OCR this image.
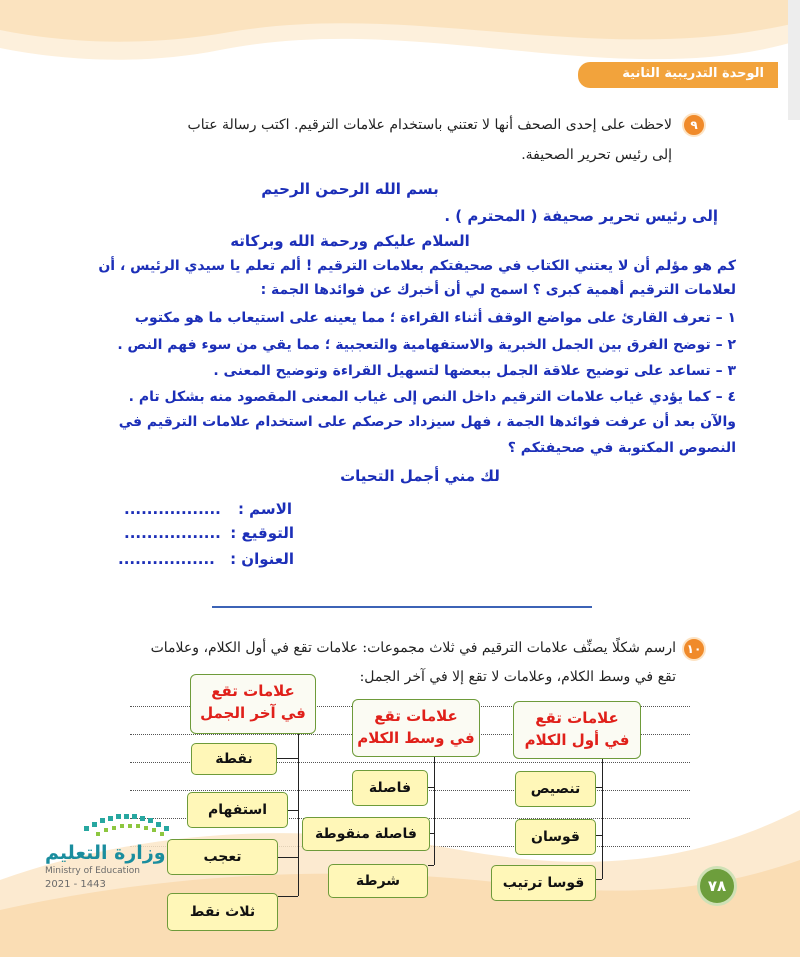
الوحدة التدريبية الثانية
٩
لاحظت على إحدى الصحف أنها لا تعتني باستخدام علامات الترقيم. اكتب رسالة عتاب
إلى رئيس تحرير الصحيفة.
بسم الله الرحمن الرحيم
إلى رئيس تحرير صحيفة ( المحترم ) .
السلام عليكم ورحمة الله وبركاته
كم هو مؤلم أن لا يعتني الكتاب في صحيفتكم بعلامات الترقيم ! ألم تعلم يا سيدي الرئيس ، أن
لعلامات الترقيم أهمية كبرى ؟ اسمح لي أن أخبرك عن فوائدها الجمة :
١ – تعرف القارئ على مواضع الوقف أثناء القراءة ؛ مما يعينه على استيعاب ما هو مكتوب
٢ – توضح الفرق بين الجمل الخبرية والاستفهامية والتعجبية ؛ مما يقي من سوء فهم النص .
٣ – تساعد على توضيح علاقة الجمل ببعضها لتسهيل القراءة وتوضيح المعنى .
٤ – كما يؤدي غياب علامات الترقيم داخل النص إلى غياب المعنى المقصود منه بشكل تام .
والآن بعد أن عرفت فوائدها الجمة ، فهل سيزداد حرصكم على استخدام علامات الترقيم في
النصوص المكتوبة في صحيفتكم ؟
لك مني أجمل التحيات
الاسم :
.................
التوقيع :
.................
العنوان :
.................
١٠
ارسم شكلًا يصنِّف علامات الترقيم في ثلاث مجموعات: علامات تقع في أول الكلام، وعلامات
تقع في وسط الكلام، وعلامات لا تقع إلا في آخر الجمل:
علامات تقع
في آخر الجمل	علامات تقع
في وسط الكلام
علامات تقع
في أول الكلام
نقطة
استفهام
تعجب
ثلاث نقط
فاصلة
فاصلة منقوطة
شرطة
تنصيص
قوسان
قوسا ترتيب
وزارة التعليم
Ministry of Education
2021 - 1443	٧٨
